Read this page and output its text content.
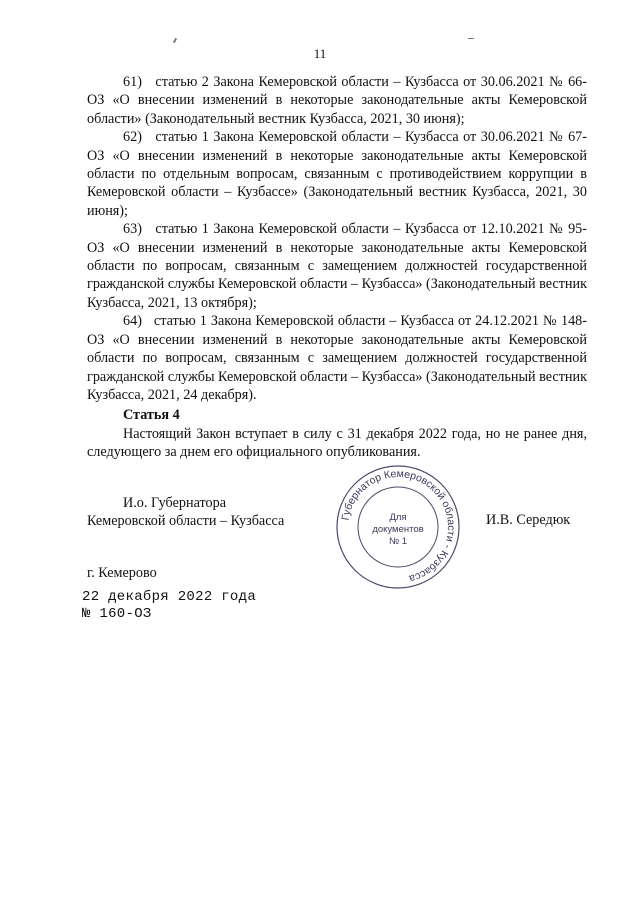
11

61)   статью 2 Закона Кемеровской области – Кузбасса от 30.06.2021 № 66-ОЗ «О внесении изменений в некоторые законодательные акты Кемеровской области» (Законодательный вестник Кузбасса, 2021, 30 июня);

62)   статью 1 Закона Кемеровской области – Кузбасса от 30.06.2021 № 67-ОЗ «О внесении изменений в некоторые законодательные акты Кемеровской области по отдельным вопросам, связанным с противодействием коррупции в Кемеровской области – Кузбассе» (Законодательный вестник Кузбасса, 2021, 30 июня);

63)   статью 1 Закона Кемеровской области – Кузбасса от 12.10.2021 № 95-ОЗ «О внесении изменений в некоторые законодательные акты Кемеровской области по вопросам, связанным с замещением должностей государственной гражданской службы Кемеровской области – Кузбасса» (Законодательный вестник Кузбасса, 2021, 13 октября);

64)   статью 1 Закона Кемеровской области – Кузбасса от 24.12.2021 № 148-ОЗ «О внесении изменений в некоторые законодательные акты Кемеровской области по вопросам, связанным с замещением должностей государственной гражданской службы Кемеровской области – Кузбасса» (Законодательный вестник Кузбасса, 2021, 24 декабря).

Статья 4

Настоящий Закон вступает в силу с 31 декабря 2022 года, но не ранее дня, следующего за днем его официального опубликования.

И.о. Губернатора
Кемеровской области – Кузбасса	И.В. Середюк
Губернатор Кемеровской области - Кузбасса
Для
документов
№ 1
г. Кемерово
22 декабря 2022 года
№ 160-ОЗ
